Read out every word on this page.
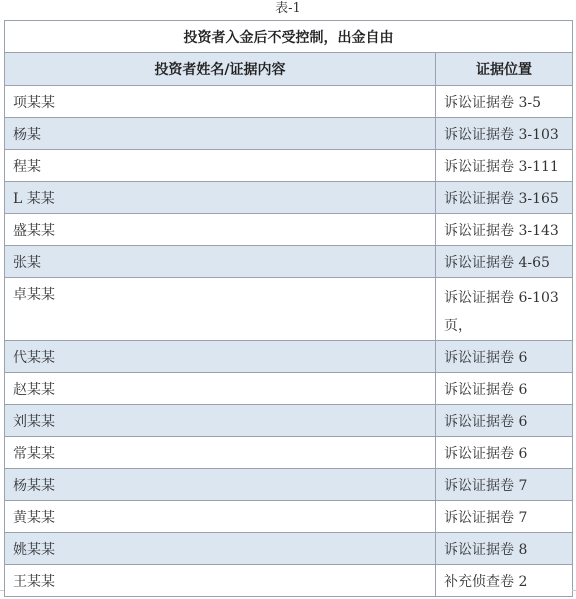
表-1
投资者入金后不受控制，出金自由	
投资者姓名/证据内容	证据位置
项某某	诉讼证据卷 3-5
杨某	诉讼证据卷 3-103
程某	诉讼证据卷 3-111
L 某某	诉讼证据卷 3-165
盛某某	诉讼证据卷 3-143
张某	诉讼证据卷 4-65
卓某某	诉讼证据卷 6-103 页，

代某某	诉讼证据卷 6
赵某某	诉讼证据卷 6
刘某某	诉讼证据卷 6
常某某	诉讼证据卷 6
杨某某	诉讼证据卷 7
黄某某	诉讼证据卷 7
姚某某	诉讼证据卷 8
王某某	补充侦查卷 2
